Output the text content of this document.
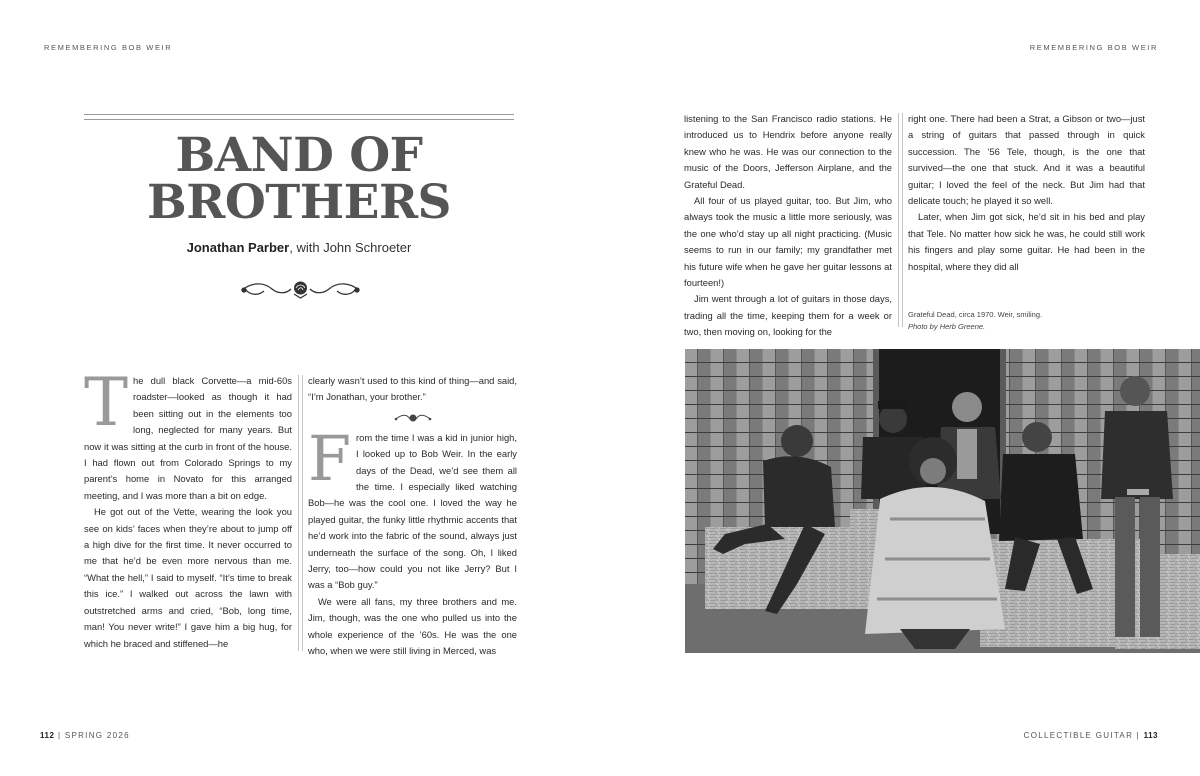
REMEMBERING BOB WEIR	REMEMBERING BOB WEIR
BAND OF
BROTHERS
Jonathan Parber, with John Schroeter

The dull black Corvette—a mid-60s roadster—looked as though it had been sitting out in the elements too long, neglected for many years. But now it was sitting at the curb in front of the house. I had flown out from Colorado Springs to my parent’s home in Novato for this arranged meeting, and I was more than a bit on edge.

He got out of the Vette, wearing the look you see on kids’ faces when they’re about to jump off a high dive for the first time. It never occurred to me that he’d be even more nervous than me. “What the hell,” I said to myself. “It’s time to break this ice.” I walked out across the lawn with outstretched arms and cried, “Bob, long time, man! You never write!” I gave him a big hug, for which he braced and stiffened—he

clearly wasn’t used to this kind of thing—and said, “I’m Jonathan, your brother.”

From the time I was a kid in junior high, I looked up to Bob Weir. In the early days of the Dead, we’d see them all the time. I especially liked watching Bob—he was the cool one. I loved the way he played guitar, the funky little rhythmic accents that he’d work into the fabric of the sound, always just underneath the surface of the song. Oh, I liked Jerry, too—how could you not like Jerry? But I was a “Bob guy.”

We were all fans, my three brothers and me. Jim, though, was the one who pulled us into the whole experience of the ’60s. He was the one who, when we were still living in Merced, was

listening to the San Francisco radio stations. He introduced us to Hendrix before anyone really knew who he was. He was our connection to the music of the Doors, Jefferson Airplane, and the Grateful Dead.

All four of us played guitar, too. But Jim, who always took the music a little more seriously, was the one who’d stay up all night practicing. (Music seems to run in our family; my grandfather met his future wife when he gave her guitar lessons at fourteen!)

Jim went through a lot of guitars in those days, trading all the time, keeping them for a week or two, then moving on, looking for the

right one. There had been a Strat, a Gibson or two—just a string of guitars that passed through in quick succession. The ’56 Tele, though, is the one that survived—the one that stuck. And it was a beautiful guitar; I loved the feel of the neck. But Jim had that delicate touch; he played it so well.

Later, when Jim got sick, he’d sit in his bed and play that Tele. No matter how sick he was, he could still work his fingers and play some guitar. He had been in the hospital, where they did all

Grateful Dead, circa 1970. Weir, smiling.
Photo by Herb Greene.
112 | SPRING 2026	COLLECTIBLE GUITAR | 113
